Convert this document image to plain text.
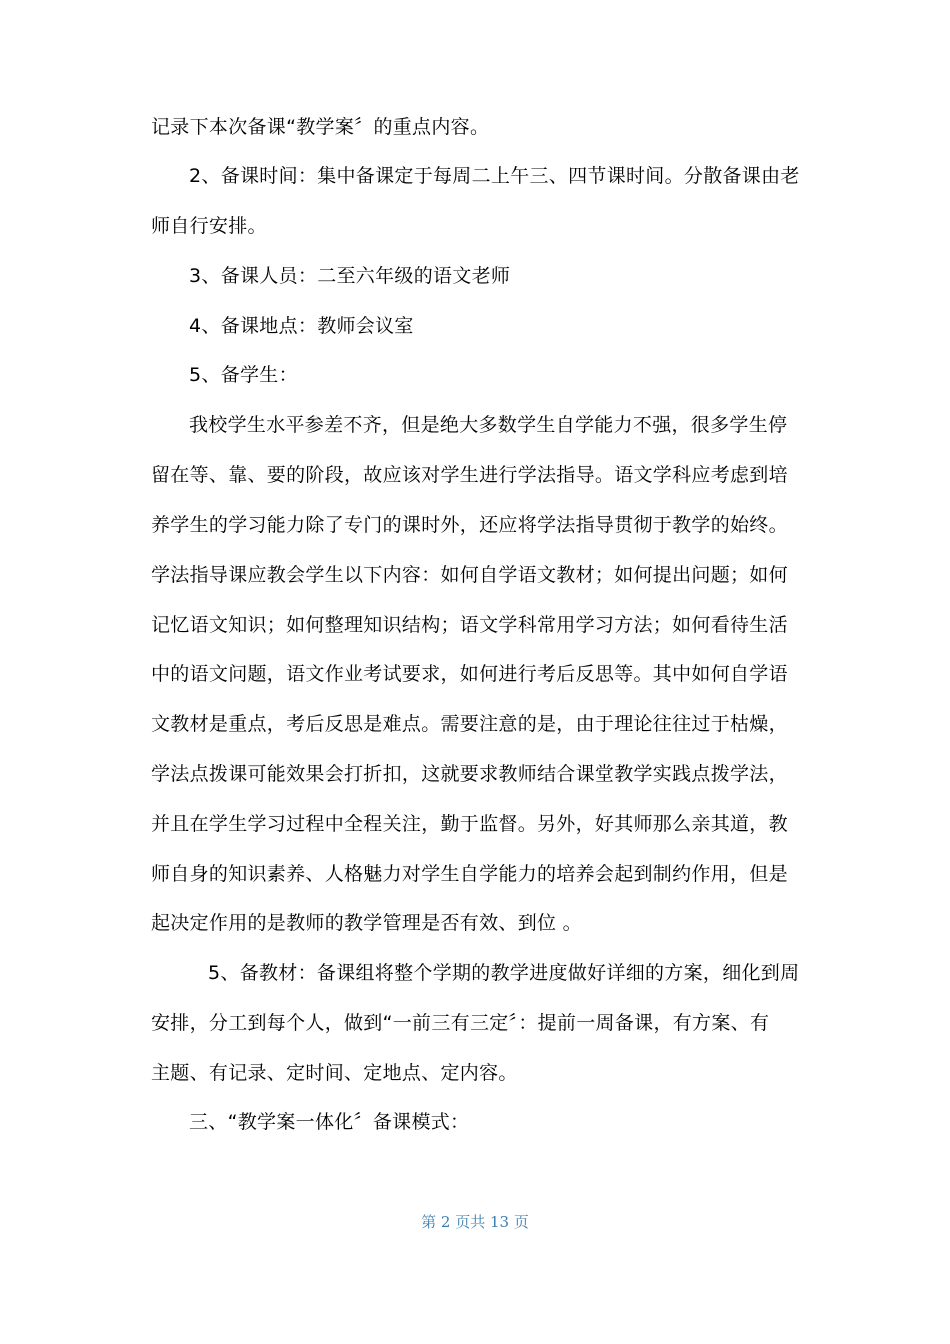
记录下本次备课“教学案〞的重点内容。
2、备课时间：集中备课定于每周二上午三、四节课时间。分散备课由老
师自行安排。
3、备课人员：二至六年级的语文老师
4、备课地点：教师会议室
5、备学生：
我校学生水平参差不齐，但是绝大多数学生自学能力不强，很多学生停
留在等、靠、要的阶段，故应该对学生进行学法指导。语文学科应考虑到培
养学生的学习能力除了专门的课时外，还应将学法指导贯彻于教学的始终。
学法指导课应教会学生以下内容：如何自学语文教材；如何提出问题；如何
记忆语文知识；如何整理知识结构；语文学科常用学习方法；如何看待生活
中的语文问题，语文作业考试要求，如何进行考后反思等。其中如何自学语
文教材是重点，考后反思是难点。需要注意的是，由于理论往往过于枯燥，
学法点拨课可能效果会打折扣，这就要求教师结合课堂教学实践点拨学法，
并且在学生学习过程中全程关注，勤于监督。另外，好其师那么亲其道，教
师自身的知识素养、人格魅力对学生自学能力的培养会起到制约作用，但是
起决定作用的是教师的教学管理是否有效、到位 。
5、备教材：备课组将整个学期的教学进度做好详细的方案，细化到周
安排，分工到每个人，做到“一前三有三定〞：提前一周备课，有方案、有
主题、有记录、定时间、定地点、定内容。
三、“教学案一体化〞备课模式：
第 2 页共 13 页
